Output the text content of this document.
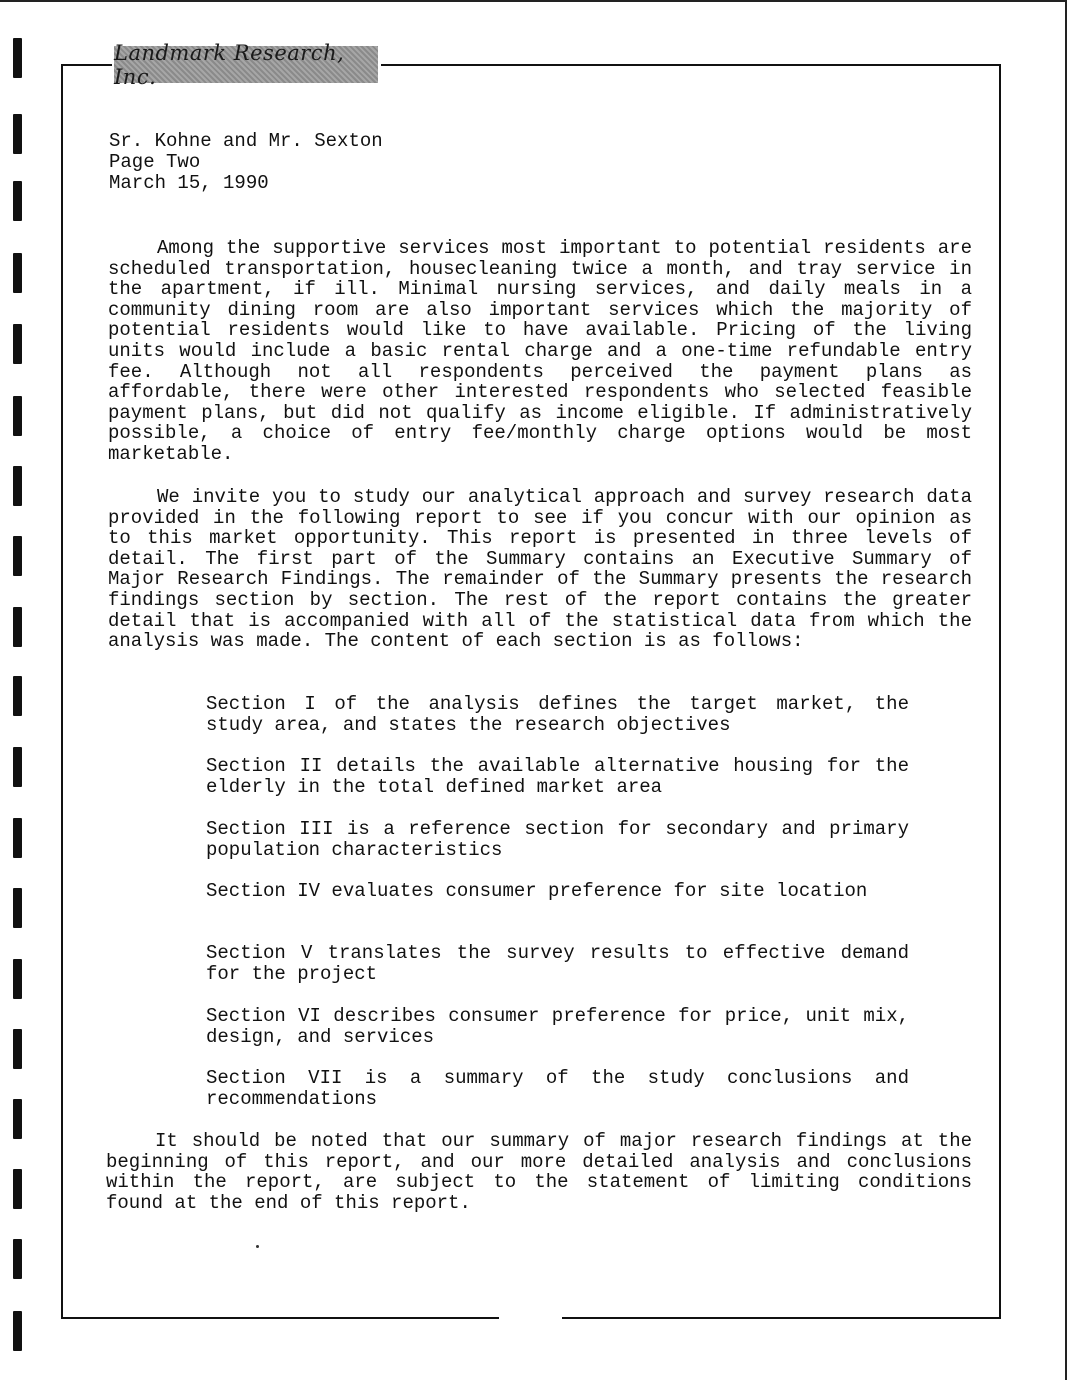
Landmark Research, Inc.
Sr. Kohne and Mr. Sexton
Page Two
March 15, 1990

Among the supportive services most important to potential residents are scheduled transportation, housecleaning twice a month, and tray service in the apartment, if ill. Minimal nursing services, and daily meals in a community dining room are also important services which the majority of potential residents would like to have available. Pricing of the living units would include a basic rental charge and a one-time refundable entry fee. Although not all respondents perceived the payment plans as affordable, there were other interested respondents who selected feasible payment plans, but did not qualify as income eligible. If administratively possible, a choice of entry fee/monthly charge options would be most marketable.

We invite you to study our analytical approach and survey research data provided in the following report to see if you concur with our opinion as to this market opportunity. This report is presented in three levels of detail. The first part of the Summary contains an Executive Summary of Major Research Findings. The remainder of the Summary presents the research findings section by section. The rest of the report contains the greater detail that is accompanied with all of the statistical data from which the analysis was made. The content of each section is as follows:

Section I of the analysis defines the target market, the study area, and states the research objectives

Section II details the available alternative housing for the elderly in the total defined market area

Section III is a reference section for secondary and primary population characteristics

Section IV evaluates consumer preference for site location

Section V translates the survey results to effective demand for the project

Section VI describes consumer preference for price, unit mix, design, and services

Section VII is a summary of the study conclusions and recommendations

It should be noted that our summary of major research findings at the beginning of this report, and our more detailed analysis and conclusions within the report, are subject to the statement of limiting conditions found at the end of this report.
